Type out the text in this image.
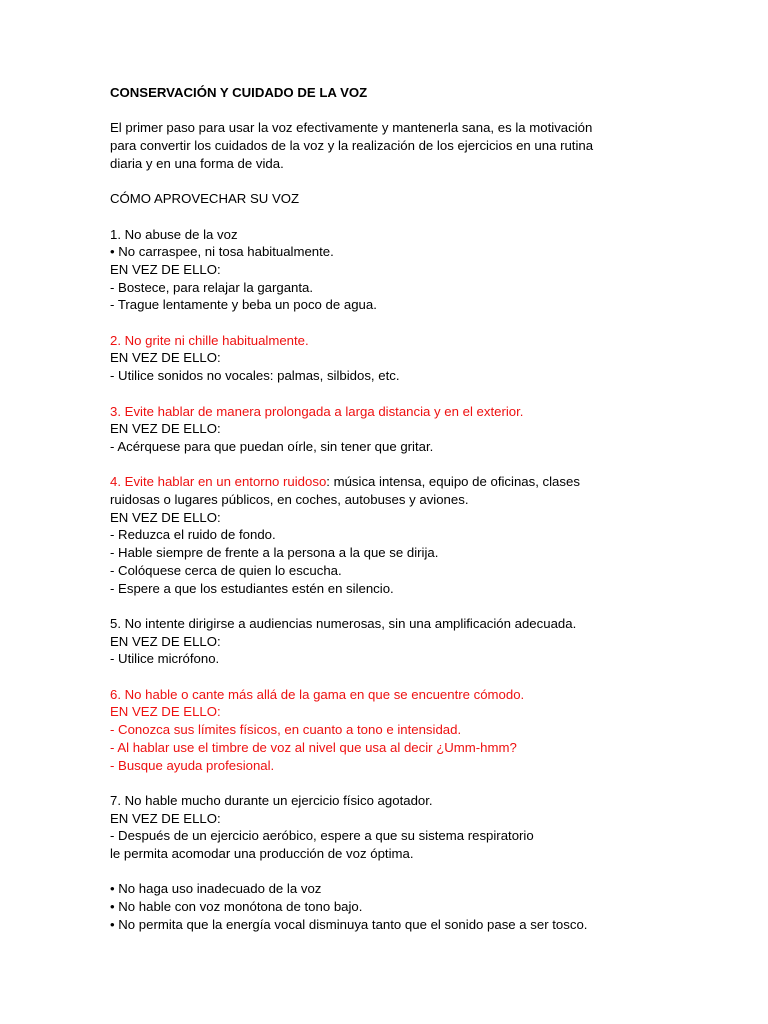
CONSERVACIÓN Y CUIDADO DE LA VOZ
El primer paso para usar la voz efectivamente y mantenerla sana, es la motivación
para convertir los cuidados de la voz y la realización de los ejercicios en una rutina
diaria y en una forma de vida.
CÓMO APROVECHAR SU VOZ
1. No abuse de la voz
• No carraspee, ni tosa habitualmente.
EN VEZ DE ELLO:
- Bostece, para relajar la garganta.
- Trague lentamente y beba un poco de agua.
2. No grite ni chille habitualmente.
EN VEZ DE ELLO:
- Utilice sonidos no vocales: palmas, silbidos, etc.
3. Evite hablar de manera prolongada a larga distancia y en el exterior.
EN VEZ DE ELLO:
- Acérquese para que puedan oírle, sin tener que gritar.
4. Evite hablar en un entorno ruidoso: música intensa, equipo de oficinas, clases
ruidosas o lugares públicos, en coches, autobuses y aviones.
EN VEZ DE ELLO:
- Reduzca el ruido de fondo.
- Hable siempre de frente a la persona a la que se dirija.
- Colóquese cerca de quien lo escucha.
- Espere a que los estudiantes estén en silencio.
5. No intente dirigirse a audiencias numerosas, sin una amplificación adecuada.
EN VEZ DE ELLO:
- Utilice micrófono.
6. No hable o cante más allá de la gama en que se encuentre cómodo.
EN VEZ DE ELLO:
- Conozca sus límites físicos, en cuanto a tono e intensidad.
- Al hablar use el timbre de voz al nivel que usa al decir ¿Umm-hmm?
- Busque ayuda profesional.
7. No hable mucho durante un ejercicio físico agotador.
EN VEZ DE ELLO:
- Después de un ejercicio aeróbico, espere a que su sistema respiratorio
le permita acomodar una producción de voz óptima.
• No haga uso inadecuado de la voz
• No hable con voz monótona de tono bajo.
• No permita que la energía vocal disminuya tanto que el sonido pase a ser tosco.
